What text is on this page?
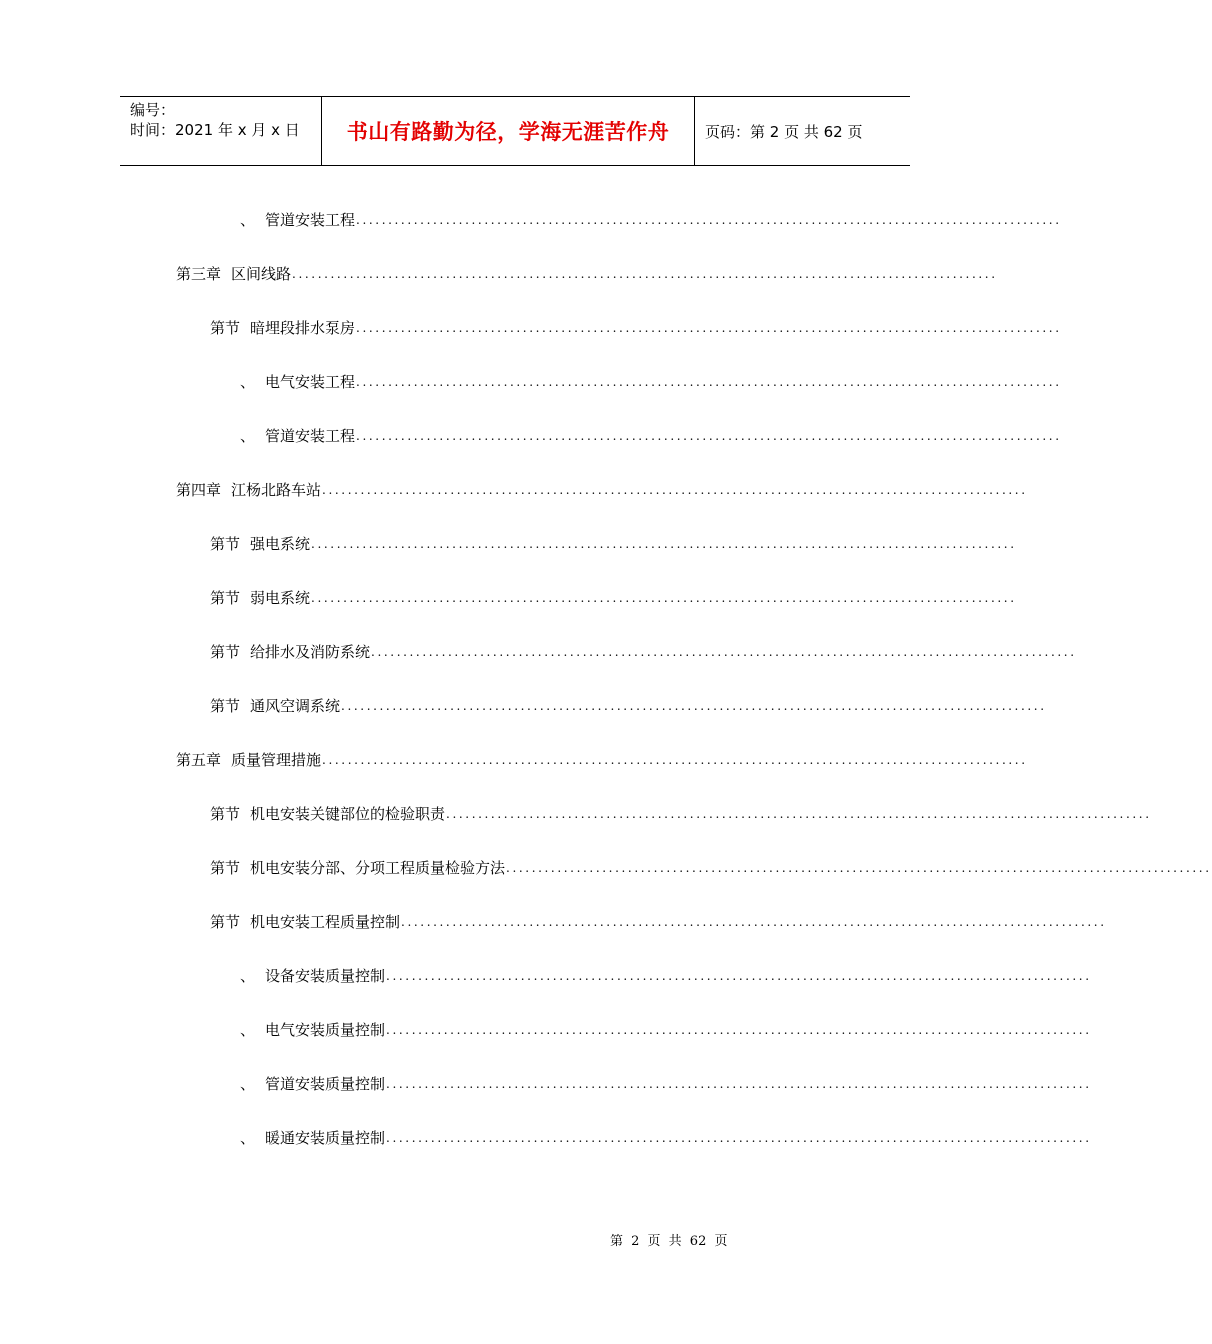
编号：
时间：2021 年 x 月 x 日	书山有路勤为径，学海无涯苦作舟 页码：第 2 页 共 62 页
、 管道安装工程 ..............................................................................................................
第三章 区间线路 ..............................................................................................................
第节 暗埋段排水泵房 ..............................................................................................................
、 电气安装工程 ..............................................................................................................
、 管道安装工程 ..............................................................................................................
第四章 江杨北路车站 ..............................................................................................................
第节 强电系统 ..............................................................................................................
第节 弱电系统 ..............................................................................................................
第节 给排水及消防系统 ..............................................................................................................
第节 通风空调系统 ..............................................................................................................
第五章 质量管理措施 ..............................................................................................................
第节 机电安装关键部位的检验职责 ..............................................................................................................
第节 机电安装分部、分项工程质量检验方法 ..............................................................................................................
第节 机电安装工程质量控制 ..............................................................................................................
、 设备安装质量控制 ..............................................................................................................
、 电气安装质量控制 ..............................................................................................................
、 管道安装质量控制 ..............................................................................................................
、 暖通安装质量控制 ..............................................................................................................
第 2 页 共 62 页
